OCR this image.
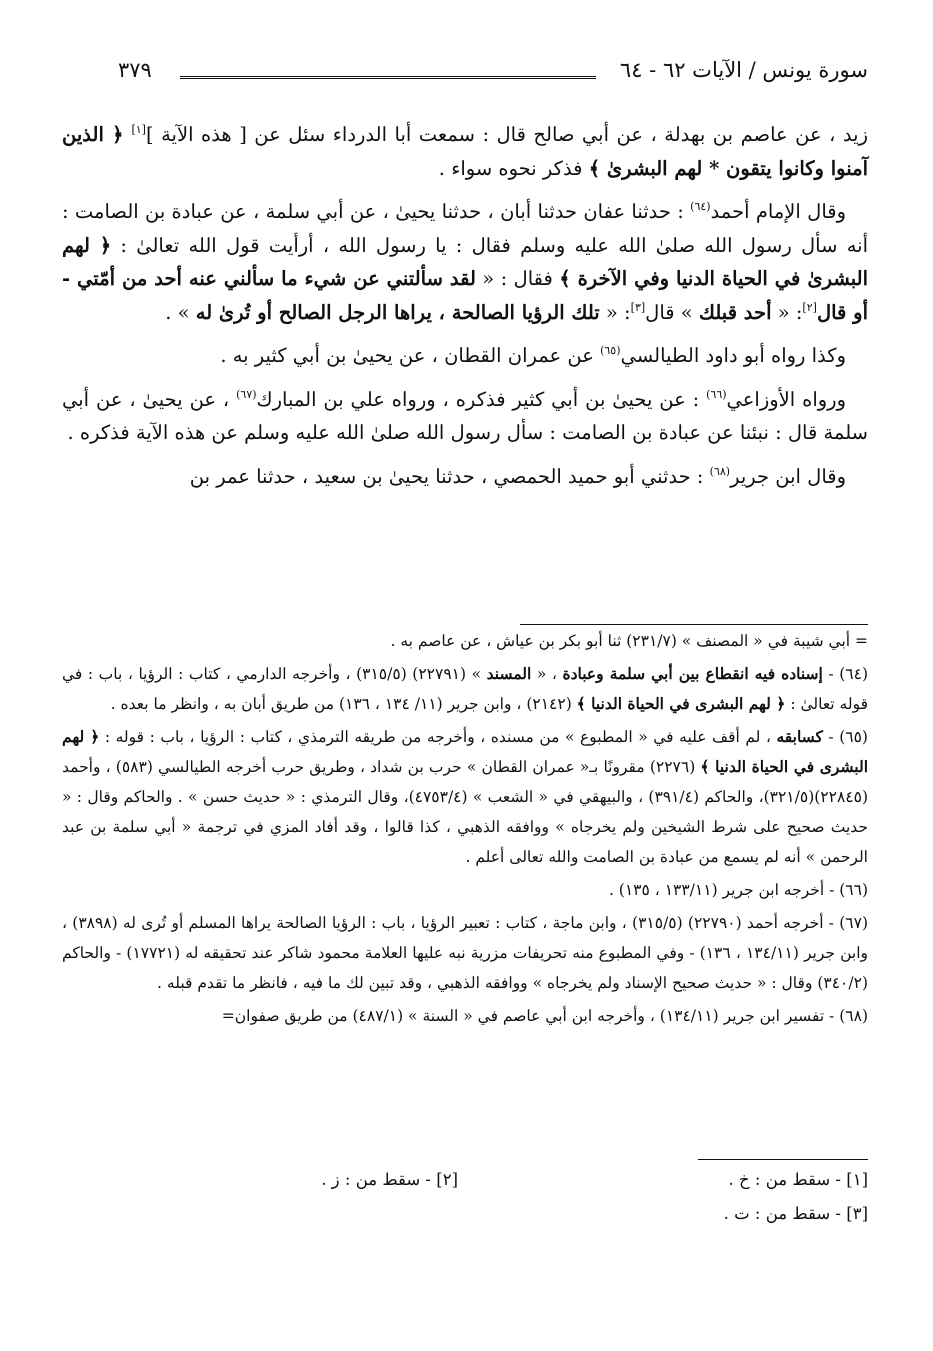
سورة يونس / الآيات ٦٢ - ٦٤
٣٧٩

زيد ، عن عاصم بن بهدلة ، عن أبي صالح قال : سمعت أبا الدرداء سئل عن [ هذه الآية ][١] ﴿ الذين آمنوا وكانوا يتقون * لهم البشرىٰ ﴾ فذكر نحوه سواء .

وقال الإمام أحمد$^{(٦٤)}$ : حدثنا عفان حدثنا أبان ، حدثنا يحيىٰ ، عن أبي سلمة ، عن عبادة بن الصامت : أنه سأل رسول الله صلىٰ الله عليه وسلم فقال : يا رسول الله ، أرأيت قول الله تعالىٰ : ﴿ لهم البشرىٰ في الحياة الدنيا وفي الآخرة ﴾ فقال : « لقد سألتني عن شيء ما سألني عنه أحد من أمّتي - أو قال[٢]: « أحد قبلك » قال[٣]: « تلك الرؤيا الصالحة ، يراها الرجل الصالح أو تُرىٰ له » .

وكذا رواه أبو داود الطيالسي$^{(٦٥)}$ عن عمران القطان ، عن يحيىٰ بن أبي كثير به .

ورواه الأوزاعي$^{(٦٦)}$ : عن يحيىٰ بن أبي كثير فذكره ، ورواه علي بن المبارك$^{(٦٧)}$ ، عن يحيىٰ ، عن أبي سلمة قال : نبئنا عن عبادة بن الصامت : سأل رسول الله صلىٰ الله عليه وسلم عن هذه الآية فذكره .

وقال ابن جرير$^{(٦٨)}$ : حدثني أبو حميد الحمصي ، حدثنا يحيىٰ بن سعيد ، حدثنا عمر بن

= أبي شيبة في « المصنف » (٢٣١/٧) ثنا أبو بكر بن عياش ، عن عاصم به .
(٦٤) - إسناده فيه انقطاع بين أبي سلمة وعبادة ، « المسند » (٢٢٧٩١) (٣١٥/٥) ، وأخرجه الدارمي ، كتاب : الرؤيا ، باب : في قوله تعالىٰ : ﴿ لهم البشرى في الحياة الدنيا ﴾ (٢١٤٢) ، وابن جرير (١١/ ١٣٤ ، ١٣٦) من طريق أبان به ، وانظر ما بعده .
(٦٥) - كسابقه ، لم أقف عليه في « المطبوع » من مسنده ، وأخرجه من طريقه الترمذي ، كتاب : الرؤيا ، باب : قوله : ﴿ لهم البشرى في الحياة الدنيا ﴾ (٢٢٧٦) مقرونًا بـ« عمران القطان » حرب بن شداد ، وطريق حرب أخرجه الطيالسي (٥٨٣) ، وأحمد (٢٢٨٤٥)(٣٢١/٥)، والحاكم (٣٩١/٤) ، والبيهقي في « الشعب » (٤٧٥٣/٤)، وقال الترمذي : « حديث حسن » . والحاكم وقال : « حديث صحيح على شرط الشيخين ولم يخرجاه » ووافقه الذهبي ، كذا قالوا ، وقد أفاد المزي في ترجمة « أبي سلمة بن عبد الرحمن » أنه لم يسمع من عبادة بن الصامت والله تعالى أعلم .
(٦٦) - أخرجه ابن جرير (١٣٣/١١ ، ١٣٥) .
(٦٧) - أخرجه أحمد (٢٢٧٩٠) (٣١٥/٥) ، وابن ماجة ، كتاب : تعبير الرؤيا ، باب : الرؤيا الصالحة يراها المسلم أو تُرى له (٣٨٩٨) ، وابن جرير (١٣٤/١١ ، ١٣٦) - وفي المطبوع منه تحريفات مزرية نبه عليها العلامة محمود شاكر عند تحقيقه له (١٧٧٢١) - والحاكم (٣٤٠/٢) وقال : « حديث صحيح الإسناد ولم يخرجاه » ووافقه الذهبي ، وقد تبين لك ما فيه ، فانظر ما تقدم قبله .
(٦٨) - تفسير ابن جرير (١٣٤/١١) ، وأخرجه ابن أبي عاصم في « السنة » (٤٨٧/١) من طريق صفوان=
[١] - سقط من : خ .
[٢] - سقط من : ز .
[٣] - سقط من : ت .
